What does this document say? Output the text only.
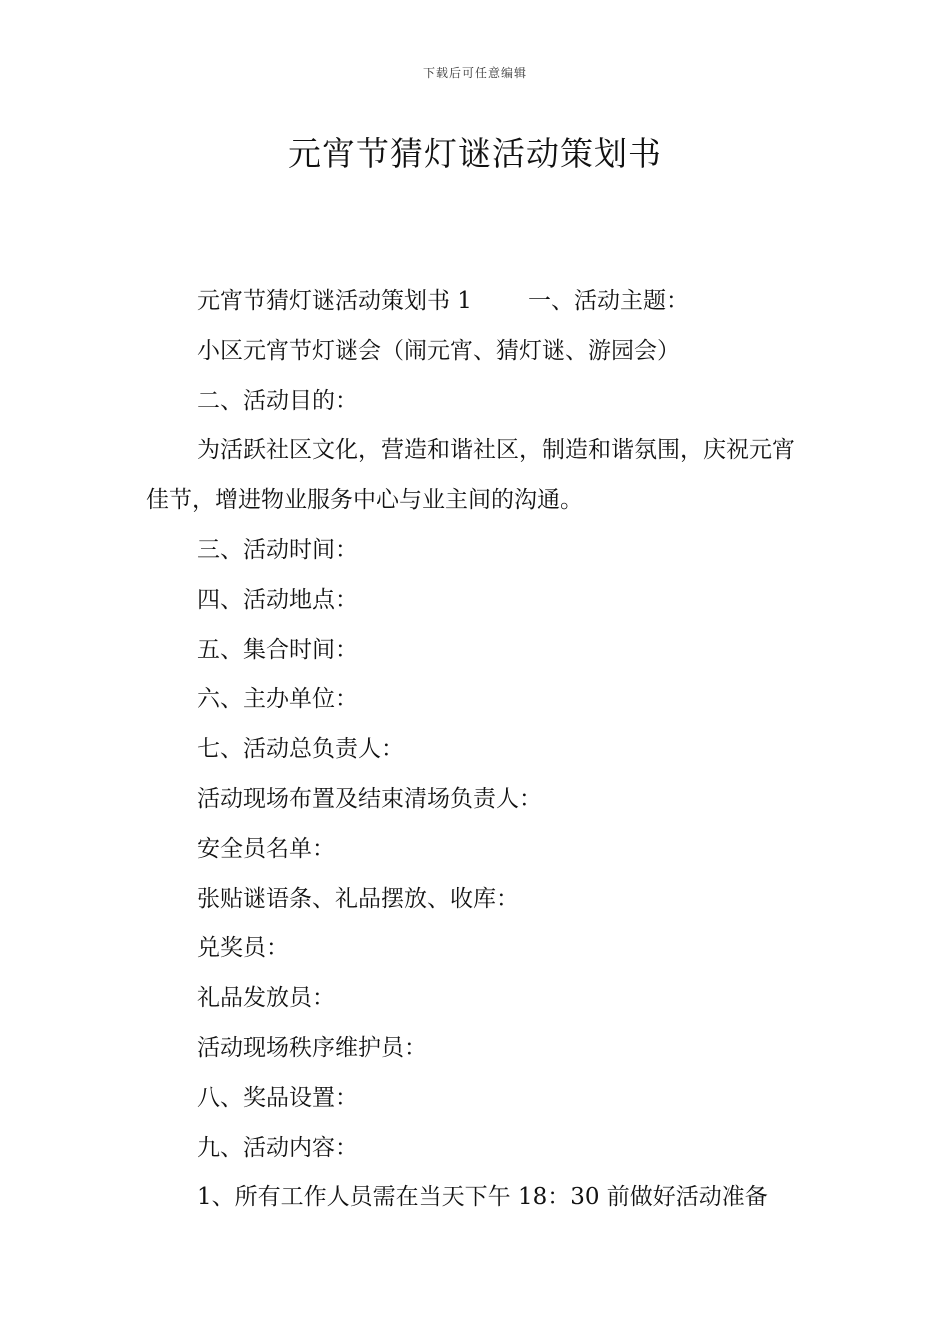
下载后可任意编辑
元宵节猜灯谜活动策划书

元宵节猜灯谜活动策划书 1 一、活动主题：

小区元宵节灯谜会（闹元宵、猜灯谜、游园会）

二、活动目的：

为活跃社区文化，营造和谐社区，制造和谐氛围，庆祝元宵佳节，增进物业服务中心与业主间的沟通。

三、活动时间：

四、活动地点：

五、集合时间：

六、主办单位：

七、活动总负责人：

活动现场布置及结束清场负责人：

安全员名单：

张贴谜语条、礼品摆放、收库：

兑奖员：

礼品发放员：

活动现场秩序维护员：

八、奖品设置：

九、活动内容：

1、所有工作人员需在当天下午 18：30 前做好活动准备
